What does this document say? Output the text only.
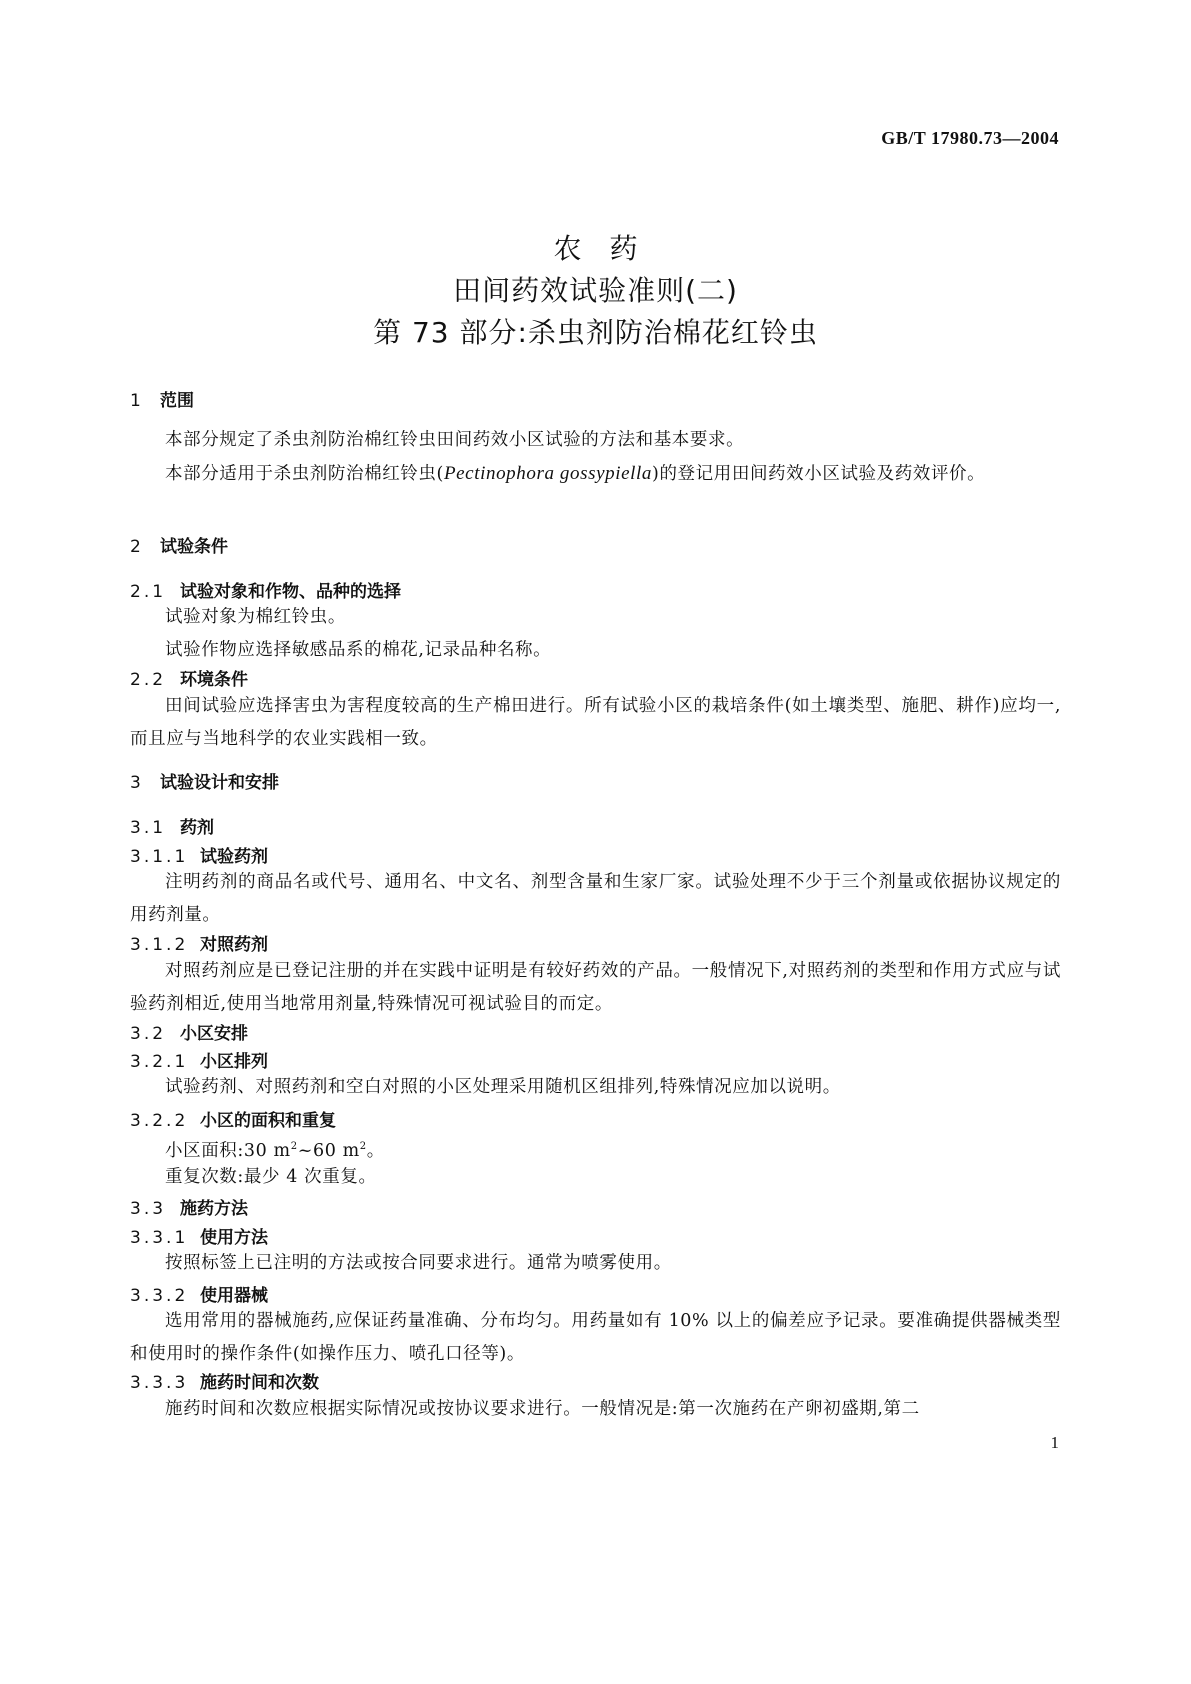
GB/T 17980.73—2004
农药
田间药效试验准则(二)
第 73 部分:杀虫剂防治棉花红铃虫
1 范围
本部分规定了杀虫剂防治棉红铃虫田间药效小区试验的方法和基本要求。
本部分适用于杀虫剂防治棉红铃虫(Pectinophora gossypiella)的登记用田间药效小区试验及药效评价。
2 试验条件
2.1 试验对象和作物、品种的选择
试验对象为棉红铃虫。
试验作物应选择敏感品系的棉花,记录品种名称。
2.2 环境条件
田间试验应选择害虫为害程度较高的生产棉田进行。所有试验小区的栽培条件(如土壤类型、施肥、耕作)应均一,而且应与当地科学的农业实践相一致。
3 试验设计和安排
3.1 药剂
3.1.1 试验药剂
注明药剂的商品名或代号、通用名、中文名、剂型含量和生家厂家。试验处理不少于三个剂量或依据协议规定的用药剂量。
3.1.2 对照药剂
对照药剂应是已登记注册的并在实践中证明是有较好药效的产品。一般情况下,对照药剂的类型和作用方式应与试验药剂相近,使用当地常用剂量,特殊情况可视试验目的而定。
3.2 小区安排
3.2.1 小区排列
试验药剂、对照药剂和空白对照的小区处理采用随机区组排列,特殊情况应加以说明。
3.2.2 小区的面积和重复
小区面积:30 $m^2\sim 60$ $m^2$。
重复次数:最少 4 次重复。
3.3 施药方法
3.3.1 使用方法
按照标签上已注明的方法或按合同要求进行。通常为喷雾使用。
3.3.2 使用器械
选用常用的器械施药,应保证药量准确、分布均匀。用药量如有 10% 以上的偏差应予记录。要准确提供器械类型和使用时的操作条件(如操作压力、喷孔口径等)。
3.3.3 施药时间和次数
施药时间和次数应根据实际情况或按协议要求进行。一般情况是:第一次施药在产卵初盛期,第二
1
